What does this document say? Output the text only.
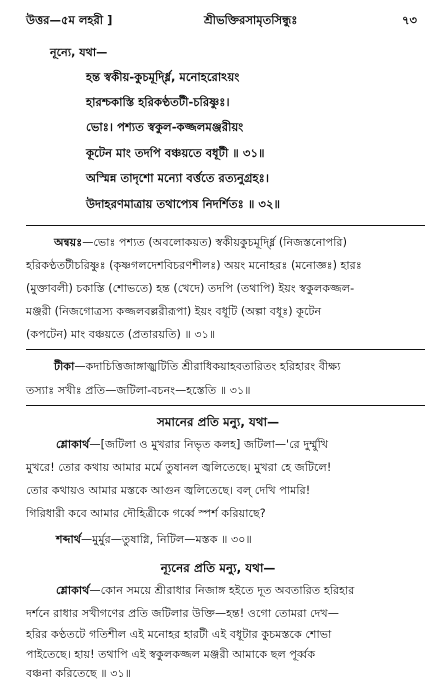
উত্তর—৫ম লহরী ]	শ্রীভক্তিরসামৃতসিন্ধুঃ	৭৩
নূন্যে, যথা—
হন্ত স্বকীয়-কুচমূর্দ্ধ্নি, মনোহরোঽয়ং
হারশ্চকাস্তি হরিকণ্ঠতটী-চরিষ্ণুঃ।
ভোঃ। পশ্যত স্বকুল-কজ্জলমঞ্জরীয়ং
কূটেন মাং তদপি বঞ্চয়তে বধূটী ॥ ৩১॥
অস্মিন্ন তাদৃশো মন্যো বর্ত্ততে রত্যনুগ্রহঃ।
উদাহরণমাত্রায় তথাপ্যেষ নিদর্শিতঃ ॥ ৩২॥
অন্বয়ঃ—ভোঃ পশ্যত (অবলোকয়ত) স্বকীয়কুচমূর্দ্ধ্নি (নিজস্তনোপরি)
হরিকণ্ঠতটীচরিষ্ণুঃ (কৃষ্ণগলদেশবিচরণশীলঃ) অয়ং মনোহরঃ (মনোজ্ঞঃ) হারঃ
(মুক্তাবলী) চকাস্তি (শোভতে) হন্ত (খেদে) তদপি (তথাপি) ইয়ং স্বকুলকজ্জল-
মঞ্জরী (নিজগোত্রস্য কজ্জলবল্লরীরূপা) ইয়ং বধূটি (অল্পা বধূঃ) কূটেন
(কপটেন) মাং বঞ্চয়তে (প্রতারয়তি) ॥ ৩১॥
টীকা—কদাচিত্তিজাঙ্গাজ্ঝটিতি শ্রীরাধিকয়াহবতারিতং হরিহারং বীক্ষ্য
তস্যাঃ সখীঃ প্রতি—জটিলা-বচনং—হস্তেতি ॥ ৩১॥
সমানের প্রতি মন্যু, যথা—
শ্লোকার্থ—[জটিলা ও মুখরার নিভৃত কলহ] জটিলা—'রে দুর্ম্মুখি
মুখরে! তোর কথায় আমার মর্মে তুষানল জ্বলিতেছে। মুখরা হে জটিলে!
তোর কথায়ও আমার মস্তকে আগুন জ্বলিতেছে। বল্ দেখি পামরি!
গিরিধারী কবে আমার দৌহিত্রীকে গর্ব্বে স্পর্শ করিয়াছে?
শব্দার্থ—মুর্মুর—তুষাগ্নি, নিটিল—মস্তক ॥ ৩০॥
ন্যূনের প্রতি মন্যু, যথা—
শ্লোকার্থ—কোন সময়ে শ্রীরাধার নিজাঙ্গ হইতে দূত অবতারিত হরিহার
দর্শনে রাধার সখীগণের প্রতি জটিলার উক্তি—হন্ত! ওগো তোমরা দেখ—
হরির কণ্ঠতটে গতিশীল এই মনোহর হারটী এই বধূটার কুচমস্তকে শোভা
পাইতেছে। হায়! তথাপি এই স্বকুলকজ্জল মঞ্জরী আমাকে ছল পূর্ব্বক
বঞ্চনা করিতেছে ॥ ৩১॥
